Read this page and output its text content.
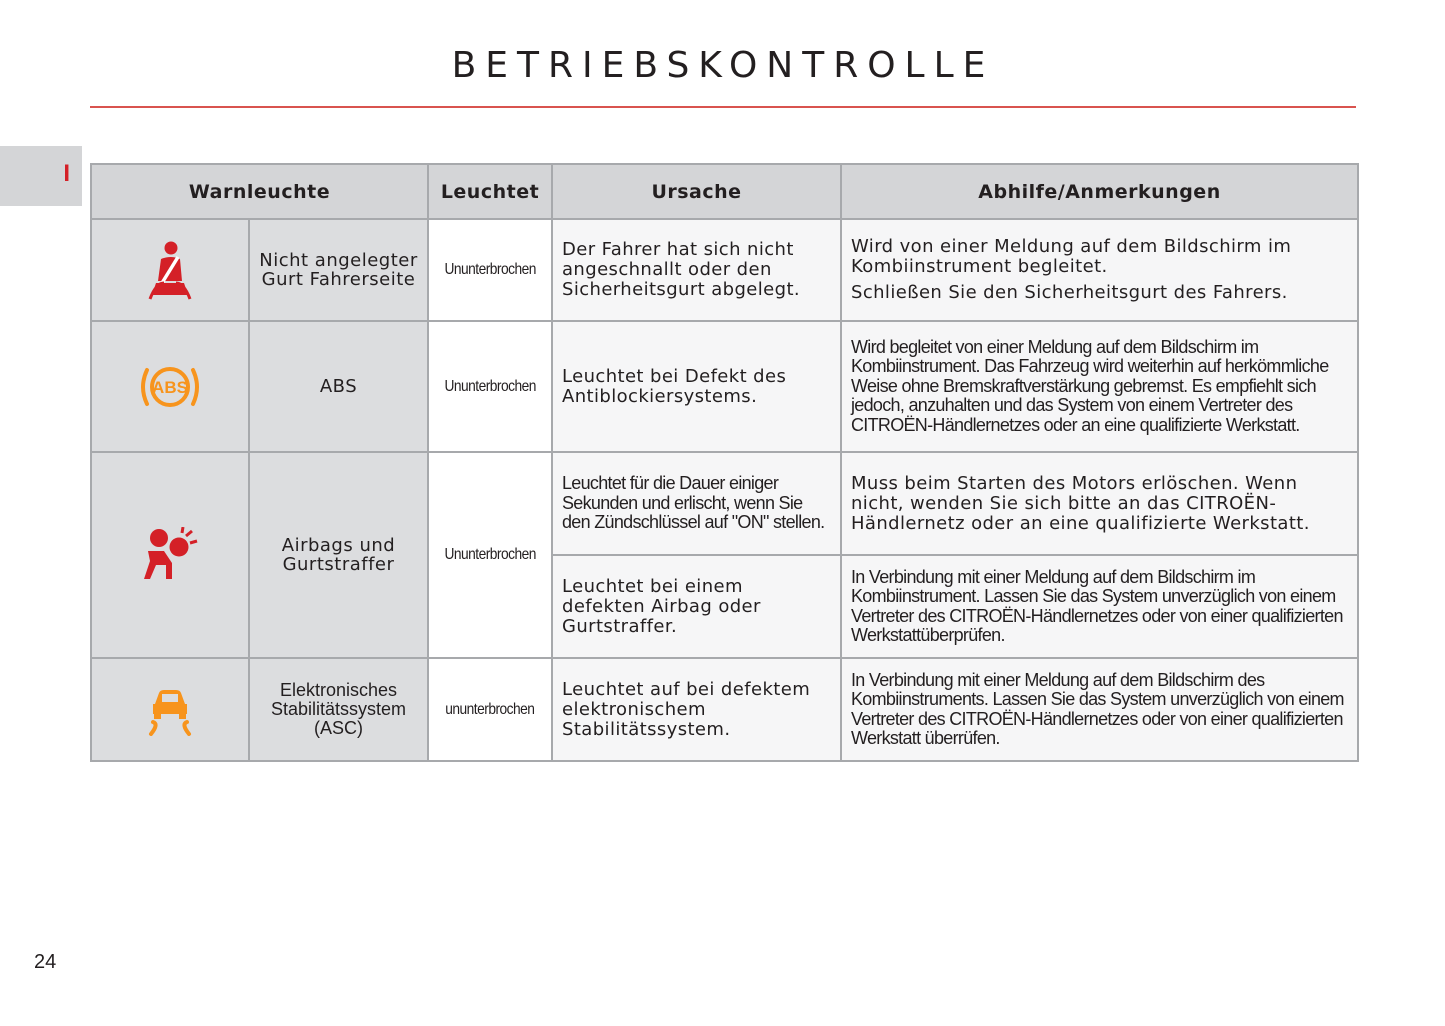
BETRIEBSKONTROLLE
I
Warnleuchte		Leuchtet	Ursache	Abhilfe/Anmerkungen

	Nicht angelegter Gurt Fahrerseite	Ununterbrochen	Der Fahrer hat sich nicht angeschnallt oder den Sicherheitsgurt abgelegt.	Wird von einer Meldung auf dem Bildschirm im Kombiinstrument begleitet.

Schließen Sie den Sicherheitsgurt des Fahrers.

ABS	ABS	Ununterbrochen	Leuchtet bei Defekt des Antiblockiersystems.	Wird begleitet von einer Meldung auf dem Bildschirm im Kombiinstrument. Das Fahrzeug wird weiterhin auf herkömmliche Weise ohne Bremskraftverstärkung gebremst. Es empfiehlt sich jedoch, anzuhalten und das System von einem Vertreter des CITROËN-Händlernetzes oder an eine qualifizierte Werkstatt.

	Airbags und Gurtstraffer	Ununterbrochen	Leuchtet für die Dauer einiger Sekunden und erlischt, wenn Sie den Zündschlüssel auf "ON" stellen.	Muss beim Starten des Motors erlöschen. Wenn nicht, wenden Sie sich bitte an das CITROËN-Händlernetz oder an eine qualifizierte Werkstatt.

			Leuchtet bei einem defekten Airbag oder Gurtstraffer.	In Verbindung mit einer Meldung auf dem Bildschirm im Kombiinstrument. Lassen Sie das System unverzüglich von einem Vertreter des CITROËN-Händlernetzes oder von einer qualifizierten Werkstattüberprüfen.

	Elektronisches Stabilitätssystem (ASC)	ununterbrochen	Leuchtet auf bei defektem elektronischem Stabilitätssystem.	In Verbindung mit einer Meldung auf dem Bildschirm des Kombiinstruments. Lassen Sie das System unverzüglich von einem Vertreter des CITROËN-Händlernetzes oder von einer qualifizierten Werkstatt überrüfen.

24
